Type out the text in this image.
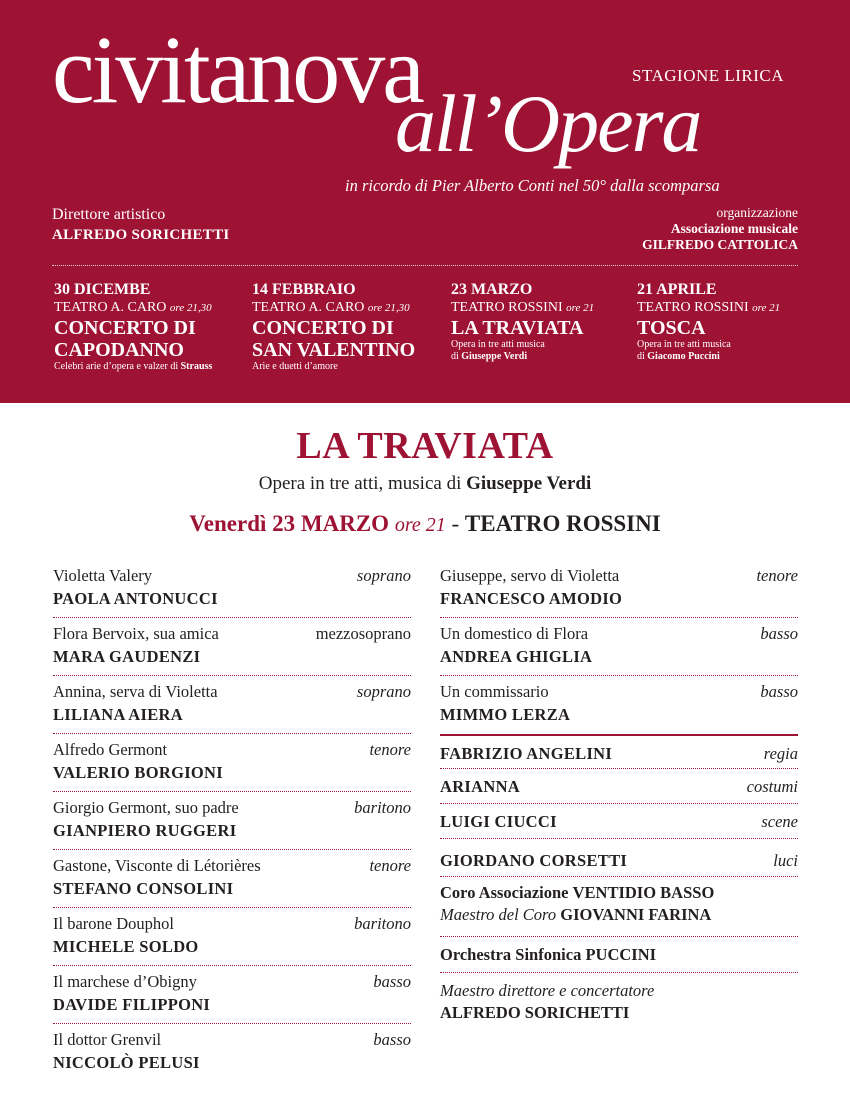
civitanova
all’Opera
STAGIONE LIRICA
in ricordo di Pier Alberto Conti nel 50° dalla scomparsa
Direttore artistico
ALFREDO SORICHETTI
organizzazione
Associazione musicale
GILFREDO CATTOLICA
30 DICEMBE
TEATRO A. CARO ore 21,30
CONCERTO DI
CAPODANNO
Celebri arie d’opera e valzer di Strauss
14 FEBBRAIO
TEATRO A. CARO ore 21,30
CONCERTO DI
SAN VALENTINO
Arie e duetti d’amore
23 MARZO
TEATRO ROSSINI ore 21
LA TRAVIATA
Opera in tre atti musica
di Giuseppe Verdi
21 APRILE
TEATRO ROSSINI ore 21
TOSCA
Opera in tre atti musica
di Giacomo Puccini
LA TRAVIATA
Opera in tre atti, musica di Giuseppe Verdi
Venerdì 23 MARZO ore 21 - TEATRO ROSSINI
Violetta Valery	soprano
PAOLA ANTONUCCI
Flora Bervoix, sua amica	mezzosoprano
MARA GAUDENZI
Annina, serva di Violetta	soprano
LILIANA AIERA
Alfredo Germont	tenore
VALERIO BORGIONI
Giorgio Germont, suo padre	baritono
GIANPIERO RUGGERI
Gastone, Visconte di Létorières	tenore
STEFANO CONSOLINI
Il barone Douphol	baritono
MICHELE SOLDO
Il marchese d’Obigny	basso
DAVIDE FILIPPONI
Il dottor Grenvil	basso
NICCOLÒ PELUSI
Giuseppe, servo di Violetta	tenore
FRANCESCO AMODIO
Un domestico di Flora	basso
ANDREA GHIGLIA
Un commissario	basso
MIMMO LERZA
FABRIZIO ANGELINI	regia
ARIANNA	costumi
LUIGI CIUCCI	scene
GIORDANO CORSETTI	luci
Coro Associazione VENTIDIO BASSO
Maestro del Coro GIOVANNI FARINA
Orchestra Sinfonica PUCCINI
Maestro direttore e concertatore
ALFREDO SORICHETTI
